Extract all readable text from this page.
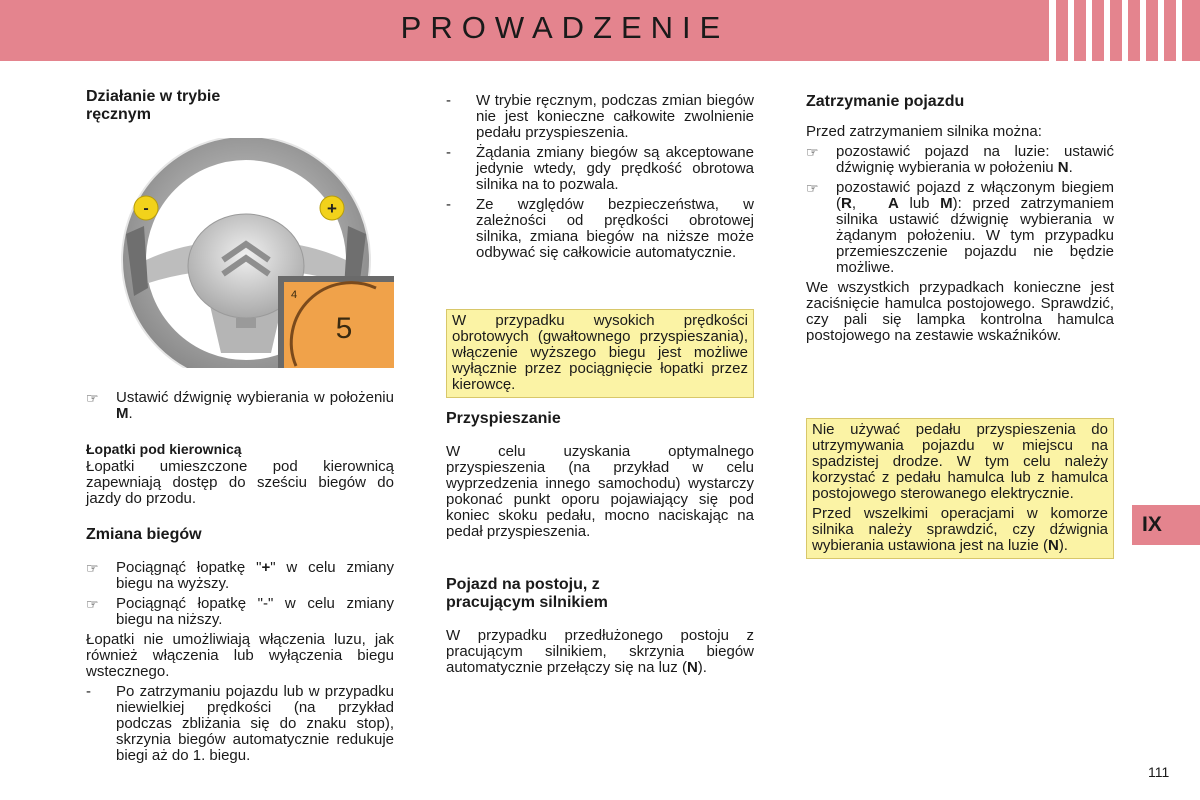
PROWADZENIE
Działanie w trybie ręcznym
-	+
4
5
☞	Ustawić dźwignię wybierania w położeniu M.
Łopatki pod kierownicą

Łopatki umieszczone pod kierownicą zapewniają dostęp do sześciu biegów do jazdy do przodu.

Zmiana biegów
☞	Pociągnąć łopatkę "+" w celu zmiany biegu na wyższy.
☞	Pociągnąć łopatkę "-" w celu zmiany biegu na niższy.

Łopatki nie umożliwiają włączenia luzu, jak również włączenia lub wyłączenia biegu wstecznego.

-	Po zatrzymaniu pojazdu lub w przypadku niewielkiej prędkości (na przykład podczas zbliżania się do znaku stop), skrzynia biegów automatycznie redukuje biegi aż do 1. biegu.
-	W trybie ręcznym, podczas zmian biegów nie jest konieczne całkowite zwolnienie pedału przyspieszenia.
-	Żądania zmiany biegów są akceptowane jedynie wtedy, gdy prędkość obrotowa silnika na to pozwala.
-	Ze względów bezpieczeństwa, w zależności od prędkości obrotowej silnika, zmiana biegów na niższe może odbywać się całkowicie automatycznie.

W przypadku wysokich prędkości obrotowych (gwałtownego przyspieszania), włączenie wyższego biegu jest możliwe wyłącznie przez pociągnięcie łopatki przez kierowcę.

Przyspieszanie

W celu uzyskania optymalnego przyspieszenia (na przykład w celu wyprzedzenia innego samochodu) wystarczy pokonać punkt oporu pojawiający się pod koniec skoku pedału, mocno naciskając na pedał przyspieszenia.

Pojazd na postoju, z pracującym silnikiem

W przypadku przedłużonego postoju z pracującym silnikiem, skrzynia biegów automatycznie przełączy się na luz (N).

Zatrzymanie pojazdu

Przed zatrzymaniem silnika można:

☞	pozostawić pojazd na luzie: ustawić dźwignię wybierania w położeniu N.
☞	pozostawić pojazd z włączonym biegiem (R,   A lub M): przed zatrzymaniem silnika ustawić dźwignię wybierania w żądanym położeniu. W tym przypadku przemieszczenie pojazdu nie będzie możliwe.

We wszystkich przypadkach konieczne jest zaciśnięcie hamulca postojowego. Sprawdzić, czy pali się lampka kontrolna hamulca postojowego na zestawie wskaźników.

Nie używać pedału przyspieszenia do utrzymywania pojazdu w miejscu na spadzistej drodze. W tym celu należy korzystać z pedału hamulca lub z hamulca postojowego sterowanego elektrycznie.

Przed wszelkimi operacjami w komorze silnika należy sprawdzić, czy dźwignia wybierania ustawiona jest na luzie (N).

IX
111
